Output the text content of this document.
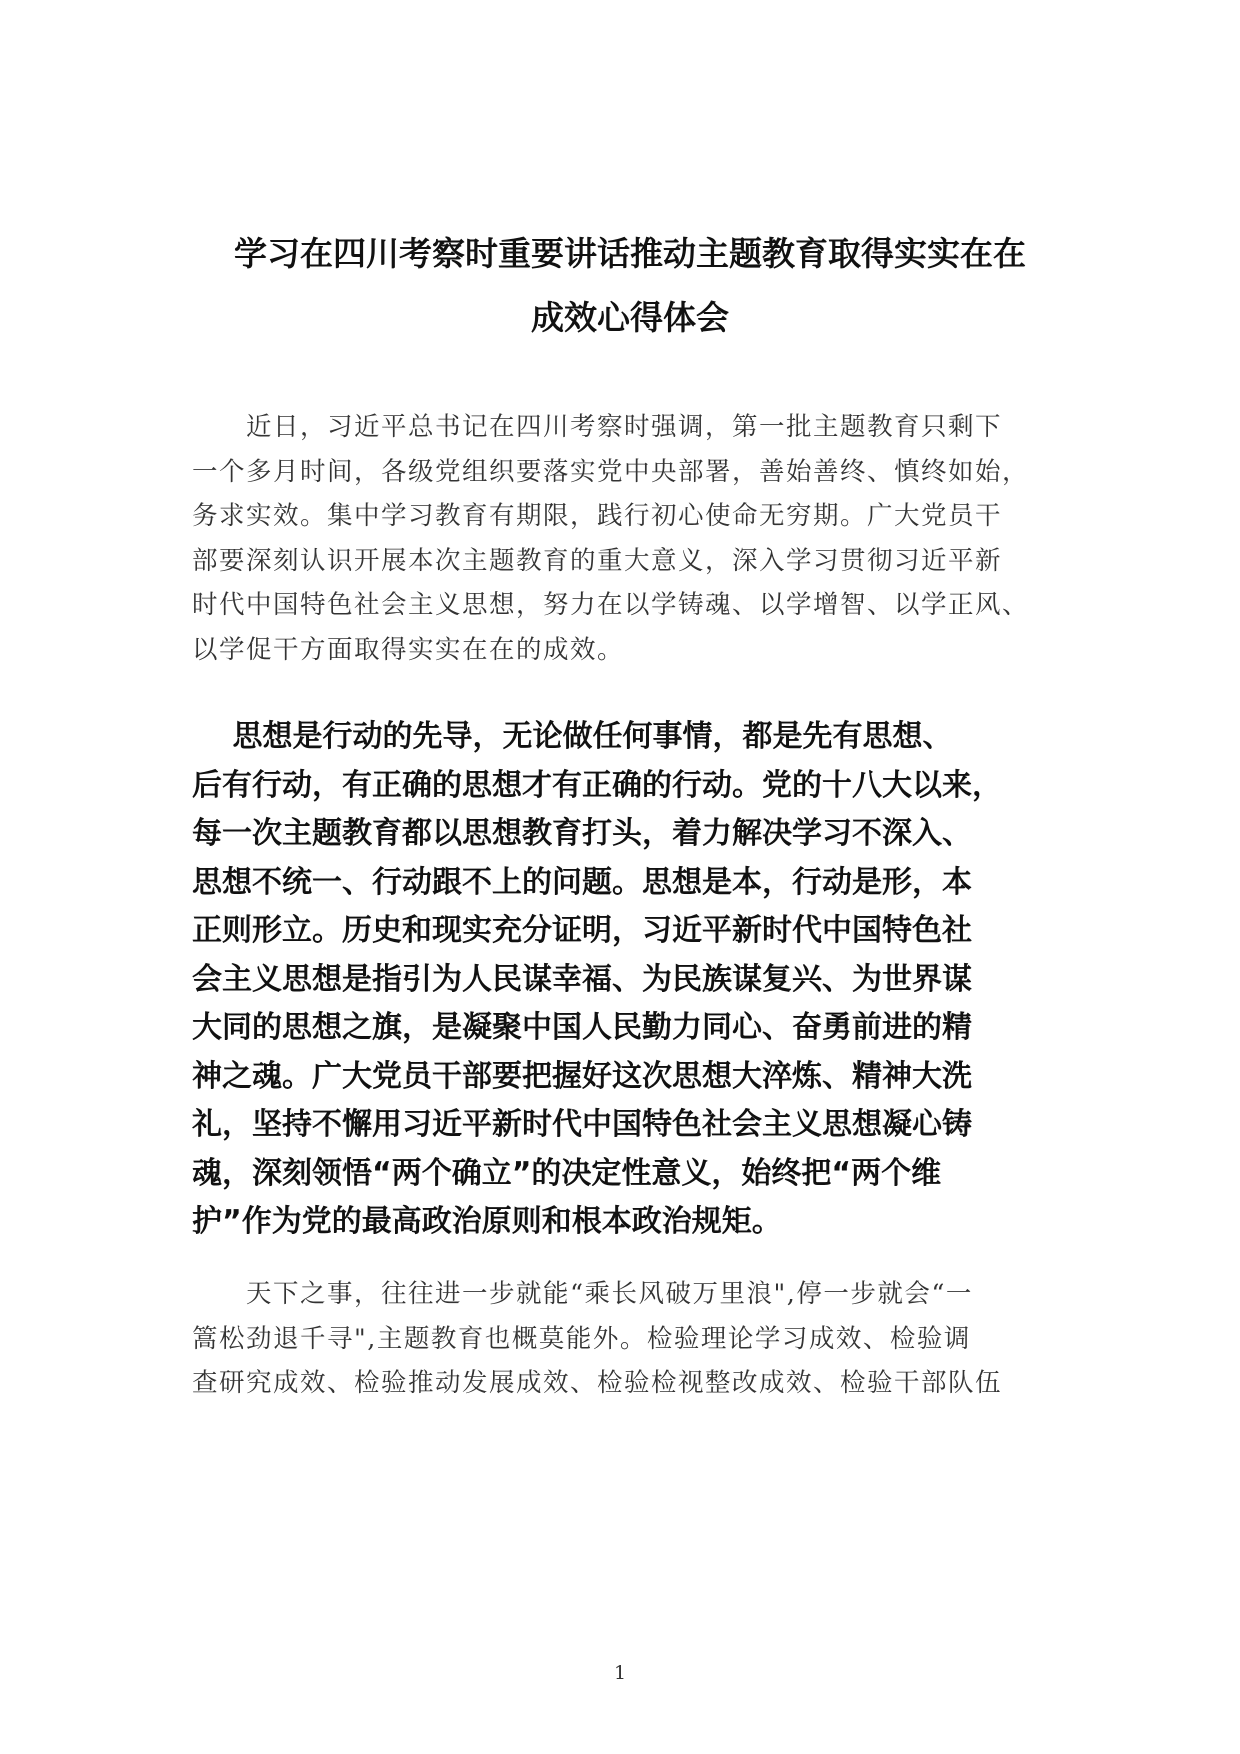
学习在四川考察时重要讲话推动主题教育取得实实在在
成效心得体会

　　近日，习近平总书记在四川考察时强调，第一批主题教育只剩下
一个多月时间，各级党组织要落实党中央部署，善始善终、慎终如始，
务求实效。集中学习教育有期限，践行初心使命无穷期。广大党员干
部要深刻认识开展本次主题教育的重大意义，深入学习贯彻习近平新
时代中国特色社会主义思想，努力在以学铸魂、以学增智、以学正风、
以学促干方面取得实实在在的成效。

　 思想是行动的先导，无论做任何事情，都是先有思想、
后有行动，有正确的思想才有正确的行动。党的十八大以来，
每一次主题教育都以思想教育打头，着力解决学习不深入、
思想不统一、行动跟不上的问题。思想是本，行动是形，本
正则形立。历史和现实充分证明，习近平新时代中国特色社
会主义思想是指引为人民谋幸福、为民族谋复兴、为世界谋
大同的思想之旗，是凝聚中国人民勤力同心、奋勇前进的精
神之魂。广大党员干部要把握好这次思想大淬炼、精神大洗
礼，坚持不懈用习近平新时代中国特色社会主义思想凝心铸
魂，深刻领悟“两个确立”的决定性意义，始终把“两个维
护”作为党的最高政治原则和根本政治规矩。

　　天下之事，往往进一步就能“乘长风破万里浪",停一步就会“一
篙松劲退千寻",主题教育也概莫能外。检验理论学习成效、检验调
查研究成效、检验推动发展成效、检验检视整改成效、检验干部队伍

1
